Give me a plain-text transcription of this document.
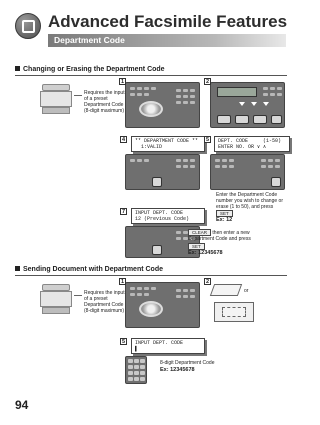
Advanced Facsimile Features
Department Code
Changing or Erasing the Department Code
Requires the input
of a preset
Department Code
(8-digit maximum)
1	2
** DEPARTMENT CODE **
1:VALID
4	DEPT. CODE     (1-50)
ENTER NO. OR ∨ ∧
5
Enter the Department Code
number you wish to change or
erase (1 to 50), and press
SET
Ex: 12
INPUT DEPT. CODE
12 (Previous Code)
7
CLEAR then enter a new
Department Code and press
SET
Ex: 12345678
Sending Document with Department Code
Requires the input
of a preset
Department Code
(8-digit maximum)
1	2
or
INPUT DEPT. CODE
▌
5
8-digit Department Code
Ex: 12345678
94
